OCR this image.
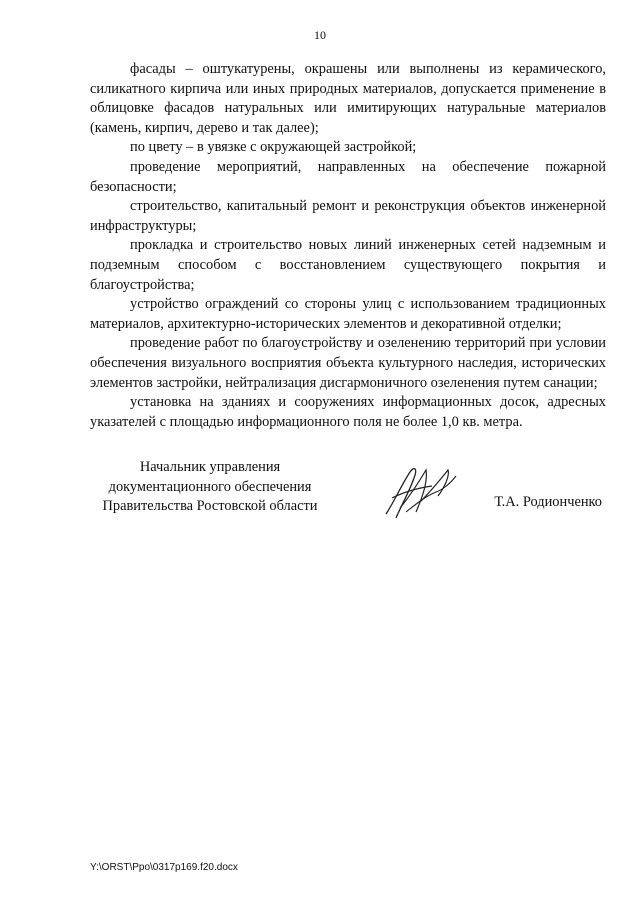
10

фасады – оштукатурены, окрашены или выполнены из керамического, силикатного кирпича или иных природных материалов, допускается применение в облицовке фасадов натуральных или имитирующих натуральные материалов (камень, кирпич, дерево и так далее);

по цвету – в увязке с окружающей застройкой;

проведение мероприятий, направленных на обеспечение пожарной безопасности;

строительство, капитальный ремонт и реконструкция объектов инженерной инфраструктуры;

прокладка и строительство новых линий инженерных сетей надземным и подземным способом с восстановлением существующего покрытия и благоустройства;

устройство ограждений со стороны улиц с использованием традиционных материалов, архитектурно-исторических элементов и декоративной отделки;

проведение работ по благоустройству и озеленению территорий при условии обеспечения визуального восприятия объекта культурного наследия, исторических элементов застройки, нейтрализация дисгармоничного озеленения путем санации;

установка на зданиях и сооружениях информационных досок, адресных указателей с площадью информационного поля не более 1,0 кв. метра.

Начальник управления
документационного обеспечения
Правительства Ростовской области	Т.А. Родионченко
Y:\ORST\Ppo\0317p169.f20.docx
